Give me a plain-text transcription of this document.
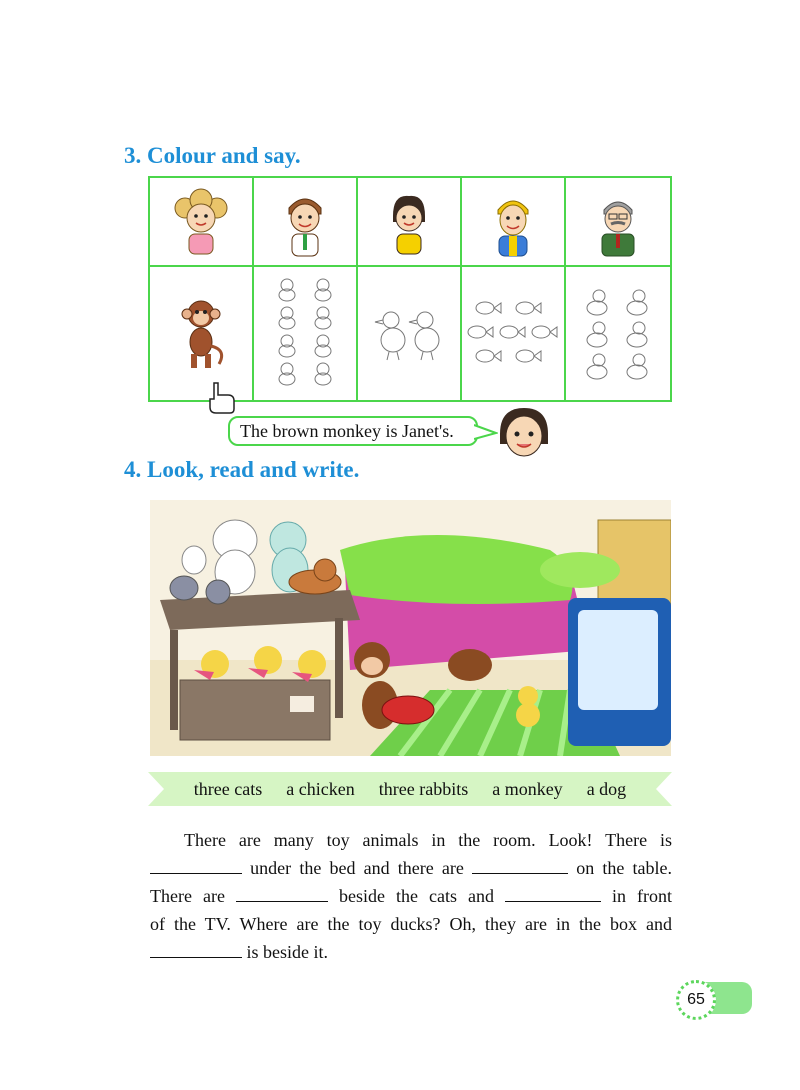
3. Colour and say.
The brown monkey is Janet's.
4. Look, read and write.
three cats a chicken three rabbits a monkey a dog
There are many toy animals in the room. Look! There is
under the bed and there are	on the table.
There are	beside the cats and	in front
of the TV. Where are the toy ducks? Oh, they are in the box and
is beside it.
65
